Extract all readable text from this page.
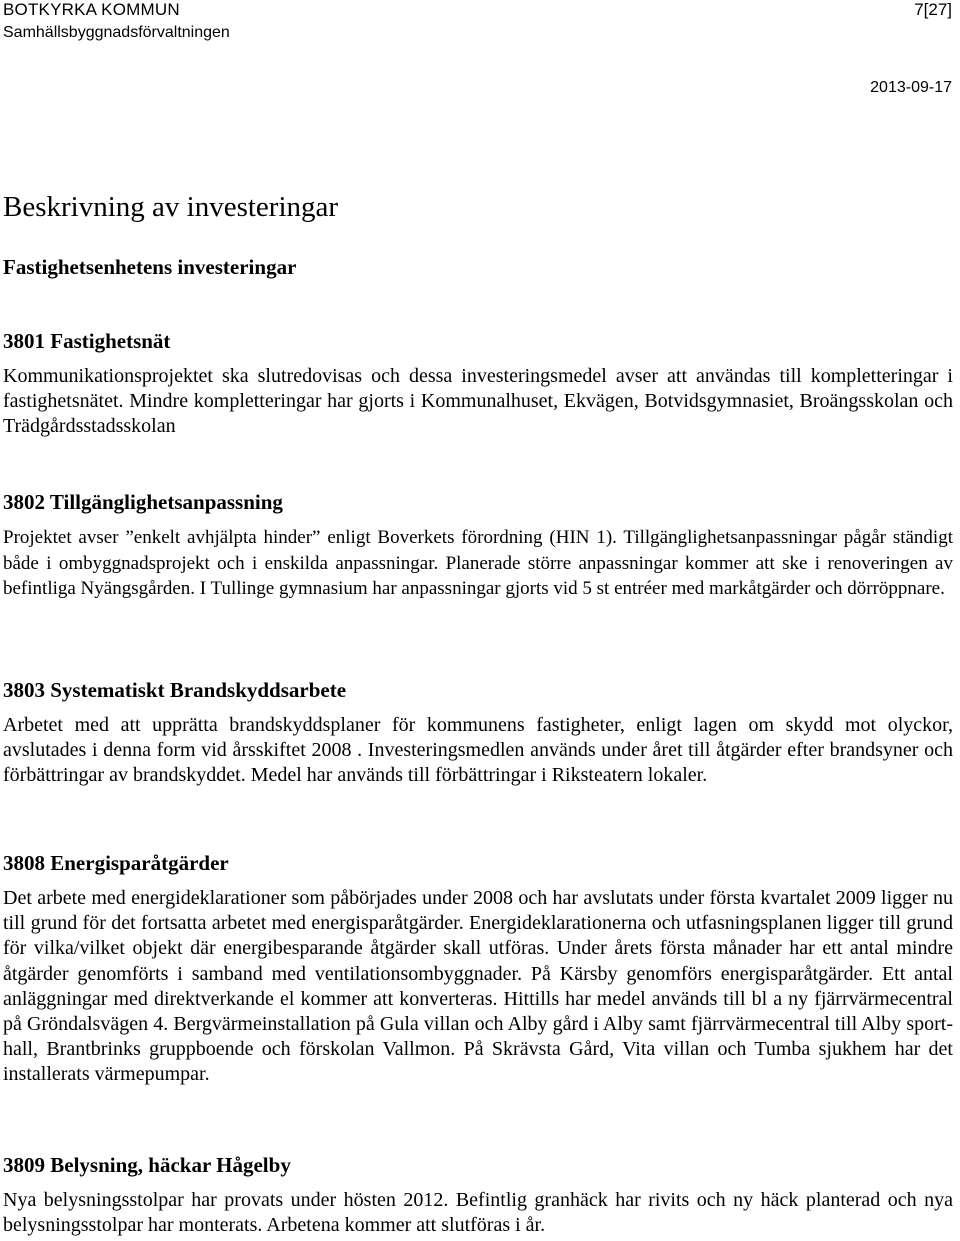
BOTKYRKA KOMMUN
Samhällsbyggnadsförvaltningen
7[27]
2013-09-17
Beskrivning av investeringar
Fastighetsenhetens investeringar
3801 Fastighetsnät

Kommunikationsprojektet ska slutredovisas och dessa investeringsmedel avser att användas till kompletteringar i fastighetsnätet. Mindre kompletteringar har gjorts i Kommunalhuset, Ekvägen, Botvidsgymnasiet, Broängsskolan och Trädgårdsstadsskolan

3802 Tillgänglighetsanpassning

Projektet avser ”enkelt avhjälpta hinder” enligt Boverkets förordning (HIN 1). Tillgänglighetsanpassningar pågår ständigt både i ombyggnadsprojekt och i enskilda anpassningar. Planerade större anpassningar kommer att ske i renoveringen av befintliga Nyängsgården. I Tullinge gymnasium har anpassningar gjorts vid 5 st entréer med markåtgärder och dörröppnare.

3803 Systematiskt Brandskyddsarbete

Arbetet med att upprätta brandskyddsplaner för kommunens fastigheter, enligt lagen om skydd mot olyckor, avslutades i denna form vid årsskiftet 2008 . Investeringsmedlen används under året till åtgärder efter brandsyner och förbättringar av brandskyddet. Medel har används till förbättringar i Riksteatern lokaler.

3808 Energisparåtgärder

Det arbete med energideklarationer som påbörjades under 2008 och har avslutats under första kvartalet 2009 ligger nu till grund för det fortsatta arbetet med energisparåtgärder. Energideklarationerna och utfasningsplanen ligger till grund för vilka/vilket objekt där energibesparande åtgärder skall utföras. Under årets första månader har ett antal mindre åtgärder genomförts i samband med ventilationsombyggnader. På Kärsby genomförs energisparåtgärder. Ett antal anläggningar med direktverkande el kommer att konverteras. Hittills har medel används till bl a ny fjärrvärmecentral på Gröndalsvägen 4. Bergvärmeinstallation på Gula villan och Alby gård i Alby samt fjärrvärmecentral till Alby sporthall, Brantbrinks gruppboende och förskolan Vallmon. På Skrävsta Gård, Vita villan och Tumba sjukhem har det installerats värmepumpar.

3809 Belysning, häckar Hågelby

Nya belysningsstolpar har provats under hösten 2012. Befintlig granhäck har rivits och ny häck planterad och nya belysningsstolpar har monterats. Arbetena kommer att slutföras i år.
